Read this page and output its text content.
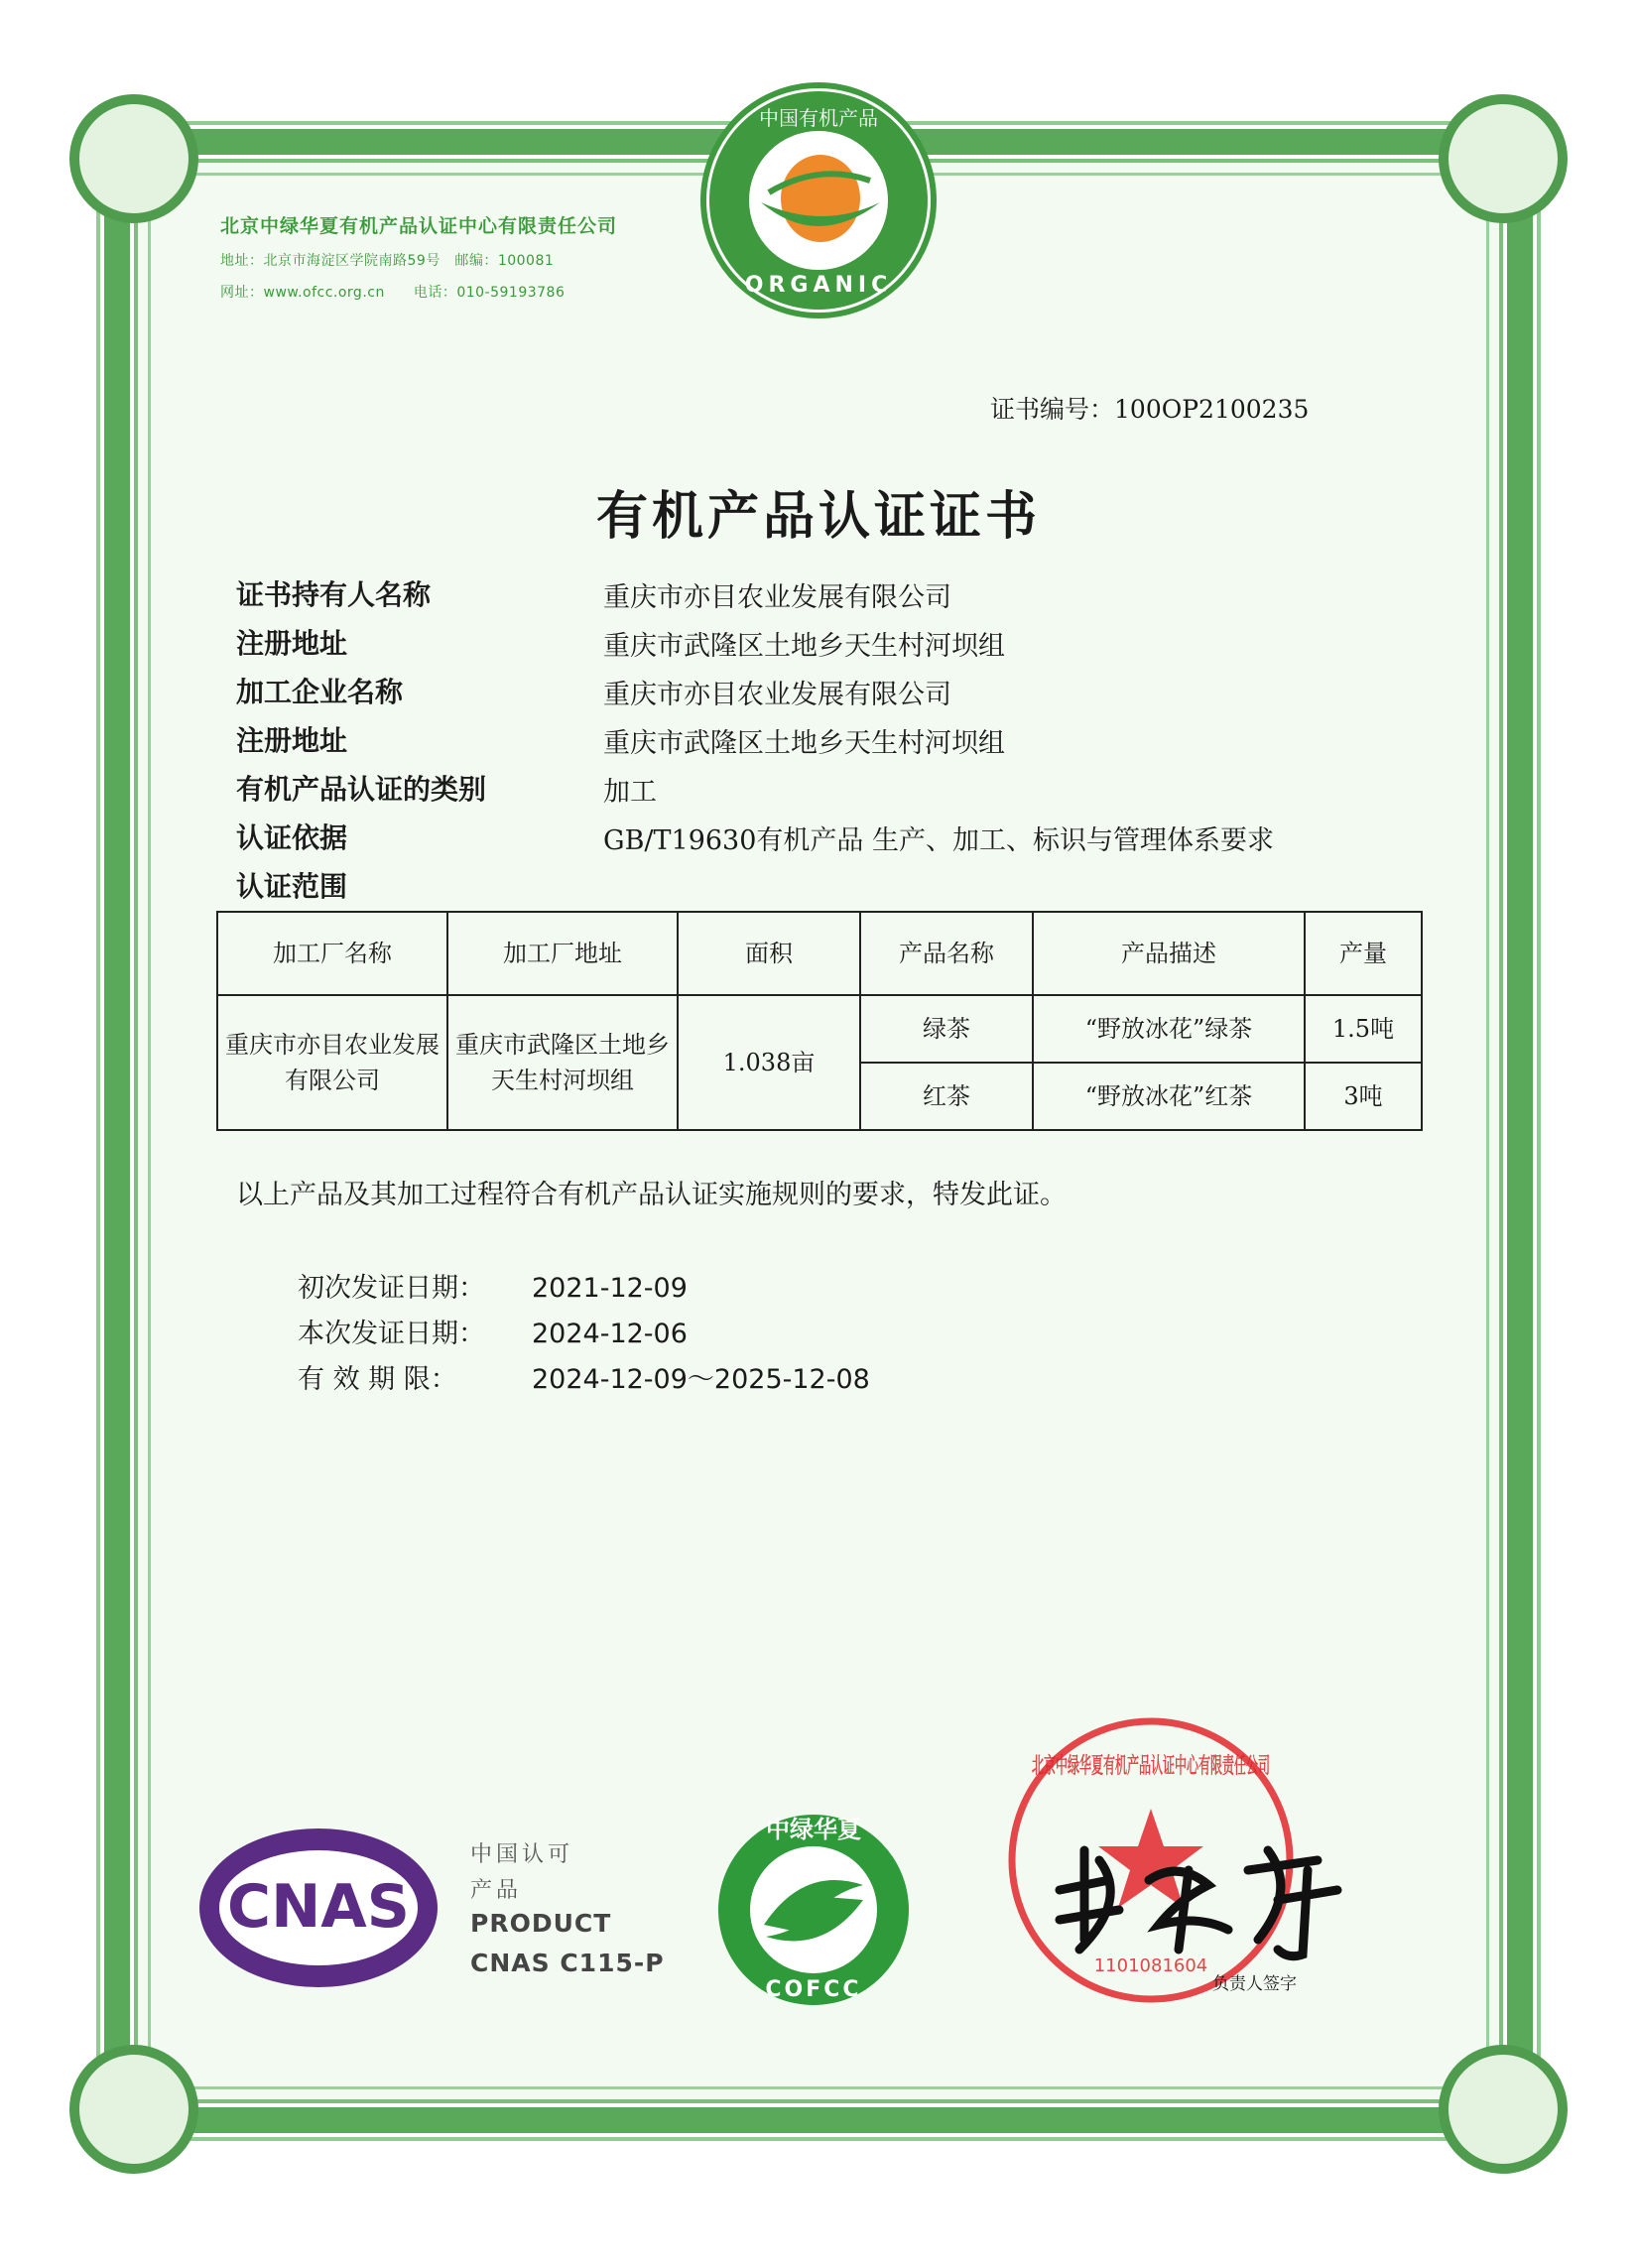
北京中绿华夏有机产品认证中心有限责任公司
地址：北京市海淀区学院南路59号　邮编：100081
网址：www.ofcc.org.cn　　电话：010-59193786
中国有机产品
ORGANIC
证书编号：100OP2100235
有机产品认证证书
证书持有人名称	重庆市亦目农业发展有限公司
注册地址	重庆市武隆区土地乡天生村河坝组
加工企业名称	重庆市亦目农业发展有限公司
注册地址	重庆市武隆区土地乡天生村河坝组
有机产品认证的类别	加工
认证依据	GB/T19630有机产品 生产、加工、标识与管理体系要求
认证范围
加工厂名称	加工厂地址	面积	产品名称	产品描述	产量
重庆市亦目农业发展有限公司	重庆市武隆区土地乡天生村河坝组	1.038亩	绿茶	“野放冰花”绿茶	1.5吨
			红茶	“野放冰花”红茶	3吨
以上产品及其加工过程符合有机产品认证实施规则的要求，特发此证。
初次发证日期： 2021-12-09
本次发证日期： 2024-12-06
有 效 期 限：	2024-12-09～2025-12-08
CNAS
中国认可
产品
PRODUCT
CNAS C115-P
中绿华夏
COFCC
北京中绿华夏有机产品认证中心有限责任公司
1101081604
负责人签字
